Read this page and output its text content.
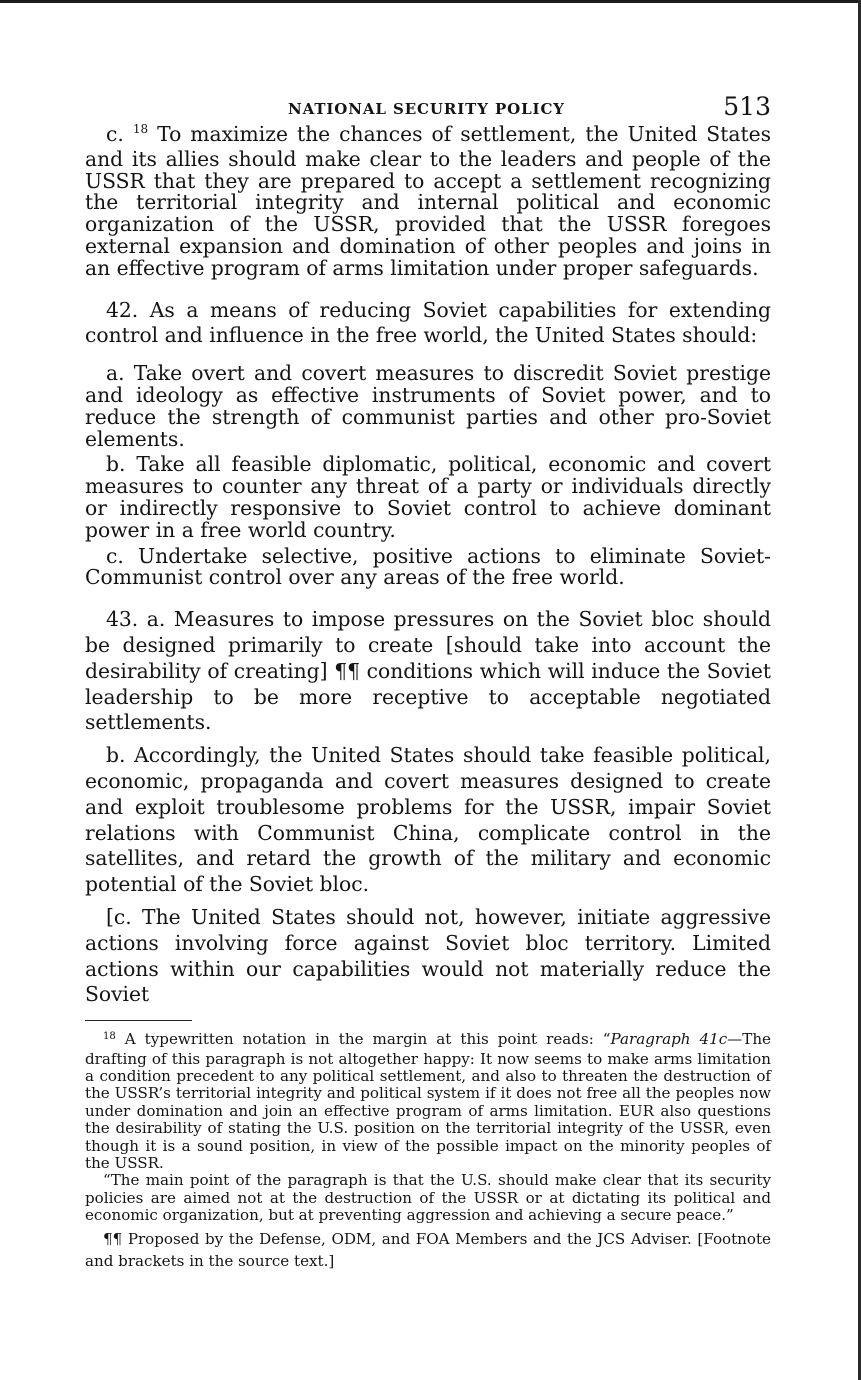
NATIONAL SECURITY POLICY	513

c. $^{18}$ To maximize the chances of settlement, the United States and its allies should make clear to the leaders and people of the USSR that they are prepared to accept a settlement recognizing the territorial integrity and internal political and economic organization of the USSR, provided that the USSR foregoes external expansion and domination of other peoples and joins in an effective program of arms limitation under proper safeguards.

42. As a means of reducing Soviet capabilities for extending control and influence in the free world, the United States should:

a. Take overt and covert measures to discredit Soviet prestige and ideology as effective instruments of Soviet power, and to reduce the strength of communist parties and other pro-Soviet elements.

b. Take all feasible diplomatic, political, economic and covert measures to counter any threat of a party or individuals directly or indirectly responsive to Soviet control to achieve dominant power in a free world country.

c. Undertake selective, positive actions to eliminate Soviet-Communist control over any areas of the free world.

43. a. Measures to impose pressures on the Soviet bloc should be designed primarily to create [should take into account the desirability of creating] ¶¶ conditions which will induce the Soviet leadership to be more receptive to acceptable negotiated settlements.

b. Accordingly, the United States should take feasible political, economic, propaganda and covert measures designed to create and exploit troublesome problems for the USSR, impair Soviet relations with Communist China, complicate control in the satellites, and retard the growth of the military and economic potential of the Soviet bloc.

[c. The United States should not, however, initiate aggressive actions involving force against Soviet bloc territory. Limited actions within our capabilities would not materially reduce the Soviet

$^{18}$ A typewritten notation in the margin at this point reads: “Paragraph 41c—The drafting of this paragraph is not altogether happy: It now seems to make arms limitation a condition precedent to any political settlement, and also to threaten the destruction of the USSR’s territorial integrity and political system if it does not free all the peoples now under domination and join an effective program of arms limitation. EUR also questions the desirability of stating the U.S. position on the territorial integrity of the USSR, even though it is a sound position, in view of the possible impact on the minority peoples of the USSR.

“The main point of the paragraph is that the U.S. should make clear that its security policies are aimed not at the destruction of the USSR or at dictating its political and economic organization, but at preventing aggression and achieving a secure peace.”

¶¶ Proposed by the Defense, ODM, and FOA Members and the JCS Adviser. [Footnote and brackets in the source text.]
